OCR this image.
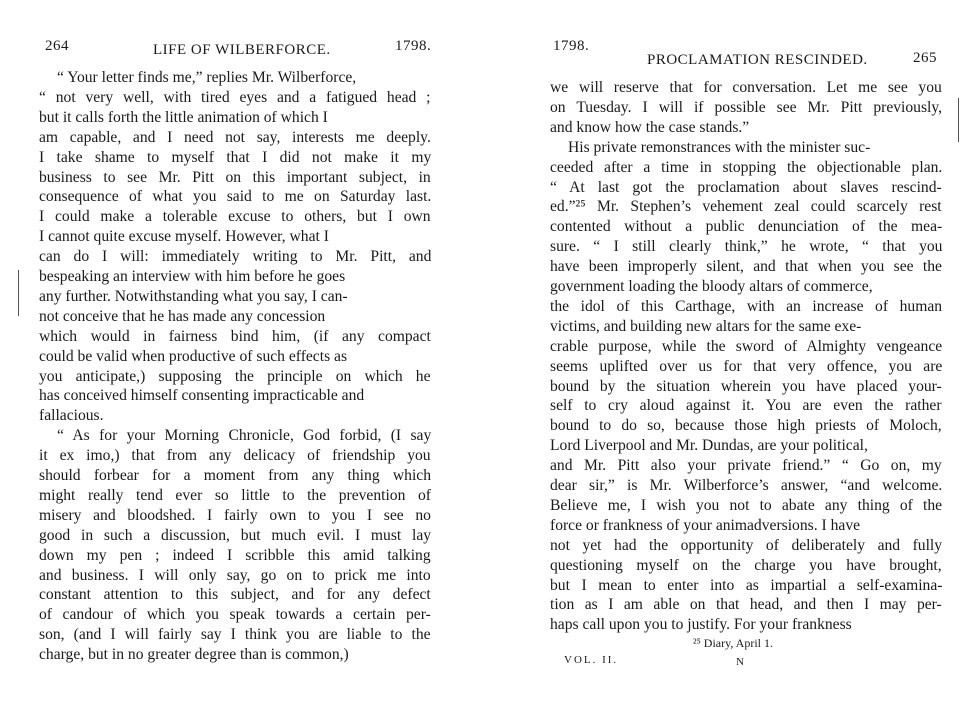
264	LIFE OF WILBERFORCE.	1798.
“ Your letter finds me,” replies Mr. Wilberforce,
“ not very well, with tired eyes and a fatigued head ;
but it calls forth the little animation of which I
am capable, and I need not say, interests me deeply.
I take shame to myself that I did not make it my
business to see Mr. Pitt on this important subject, in
consequence of what you said to me on Saturday last.
I could make a tolerable excuse to others, but I own
I cannot quite excuse myself. However, what I
can do I will: immediately writing to Mr. Pitt, and
bespeaking an interview with him before he goes
any further. Notwithstanding what you say, I can-
not conceive that he has made any concession
which would in fairness bind him, (if any compact
could be valid when productive of such effects as
you anticipate,) supposing the principle on which he
has conceived himself consenting impracticable and
fallacious.
“ As for your Morning Chronicle, God forbid, (I say
it ex imo,) that from any delicacy of friendship you
should forbear for a moment from any thing which
might really tend ever so little to the prevention of
misery and bloodshed. I fairly own to you I see no
good in such a discussion, but much evil. I must lay
down my pen ; indeed I scribble this amid talking
and business. I will only say, go on to prick me into
constant attention to this subject, and for any defect
of candour of which you speak towards a certain per-
son, (and I will fairly say I think you are liable to the
charge, but in no greater degree than is common,)
1798.
PROCLAMATION RESCINDED.	265
we will reserve that for conversation. Let me see you
on Tuesday. I will if possible see Mr. Pitt previously,
and know how the case stands.”
His private remonstrances with the minister suc-
ceeded after a time in stopping the objectionable plan.
“ At last got the proclamation about slaves rescind-
ed.”²⁵ Mr. Stephen’s vehement zeal could scarcely rest
contented without a public denunciation of the mea-
sure. “ I still clearly think,” he wrote, “ that you
have been improperly silent, and that when you see the
government loading the bloody altars of commerce,
the idol of this Carthage, with an increase of human
victims, and building new altars for the same exe-
crable purpose, while the sword of Almighty vengeance
seems uplifted over us for that very offence, you are
bound by the situation wherein you have placed your-
self to cry aloud against it. You are even the rather
bound to do so, because those high priests of Moloch,
Lord Liverpool and Mr. Dundas, are your political,
and Mr. Pitt also your private friend.” “ Go on, my
dear sir,” is Mr. Wilberforce’s answer, “and welcome.
Believe me, I wish you not to abate any thing of the
force or frankness of your animadversions. I have
not yet had the opportunity of deliberately and fully
questioning myself on the charge you have brought,
but I mean to enter into as impartial a self-examina-
tion as I am able on that head, and then I may per-
haps call upon you to justify. For your frankness
²⁵ Diary, April 1.
VOL. II.	N
